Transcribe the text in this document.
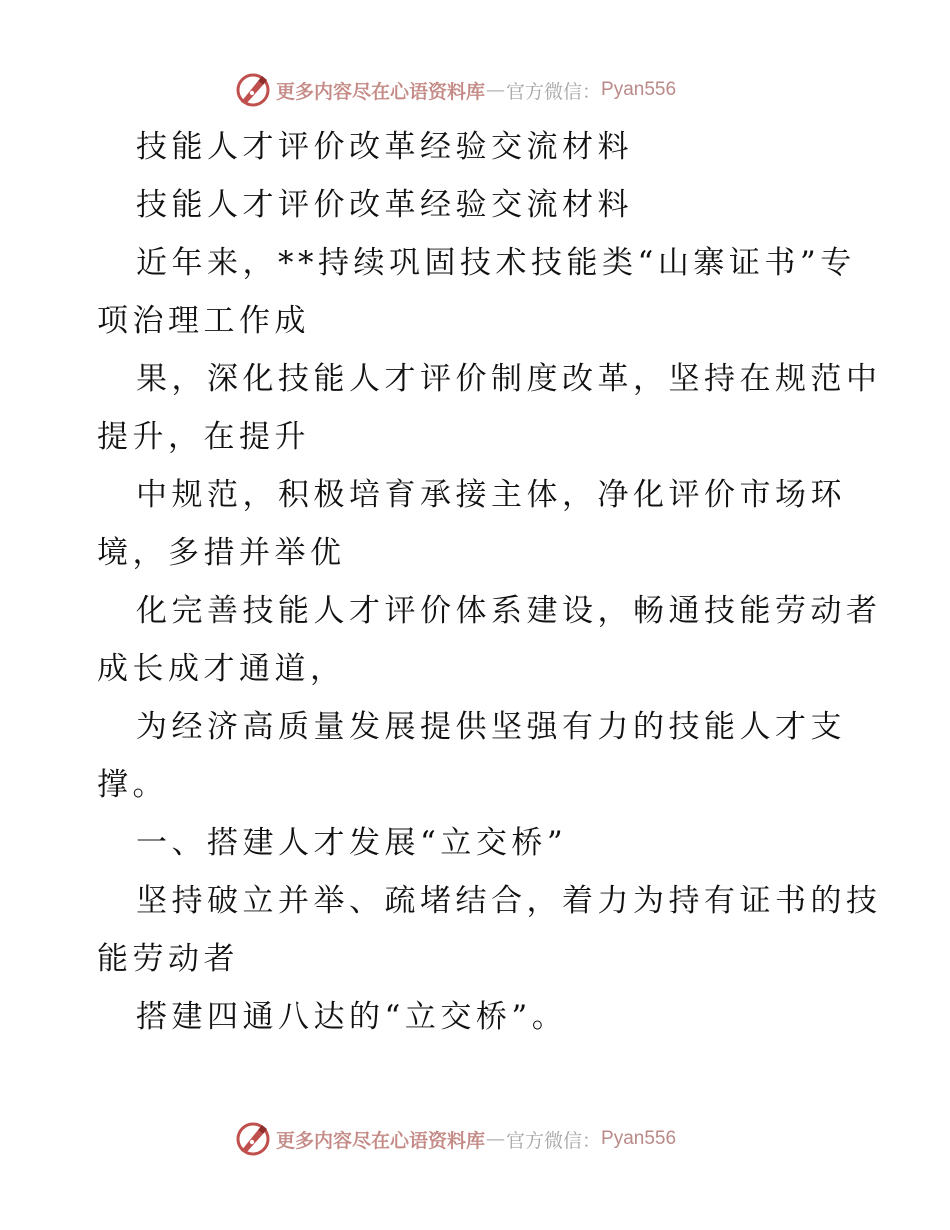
更多内容尽在心语资料库 — 官方微信： Pyan556
技能人才评价改革经验交流材料
技能人才评价改革经验交流材料
近年来，**持续巩固技术技能类“山寨证书”专
项治理工作成
果，深化技能人才评价制度改革，坚持在规范中
提升，在提升
中规范，积极培育承接主体，净化评价市场环
境，多措并举优
化完善技能人才评价体系建设，畅通技能劳动者
成长成才通道，
为经济高质量发展提供坚强有力的技能人才支
撑。
一、搭建人才发展“立交桥”
坚持破立并举、疏堵结合，着力为持有证书的技
能劳动者
搭建四通八达的“立交桥”。
更多内容尽在心语资料库 — 官方微信： Pyan556
